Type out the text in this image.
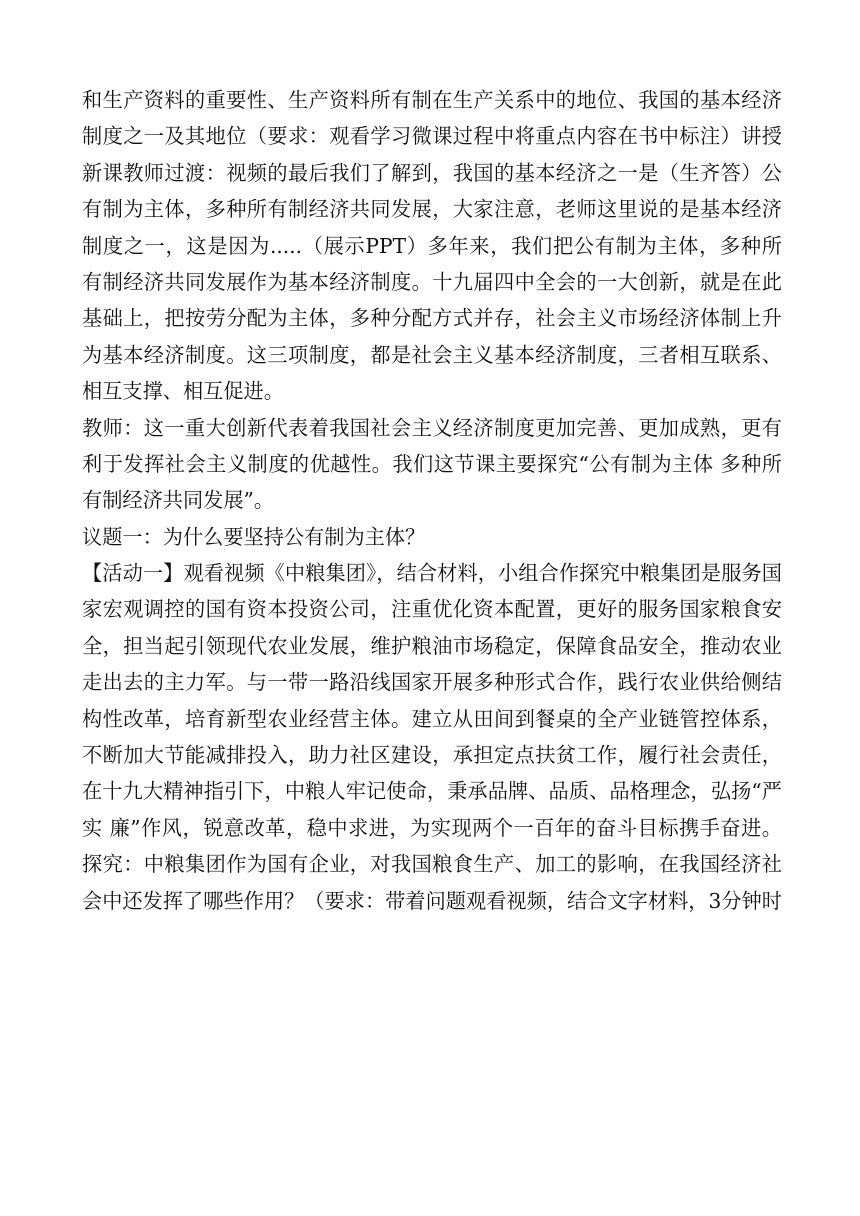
和生产资料的重要性、生产资料所有制在生产关系中的地位、我国的基本经济
制度之一及其地位（要求：观看学习微课过程中将重点内容在书中标注）讲授
新课教师过渡：视频的最后我们了解到，我国的基本经济之一是（生齐答）公
有制为主体，多种所有制经济共同发展，大家注意，老师这里说的是基本经济
制度之一，这是因为.....（展示PPT）多年来，我们把公有制为主体，多种所
有制经济共同发展作为基本经济制度。十九届四中全会的一大创新，就是在此
基础上，把按劳分配为主体，多种分配方式并存，社会主义市场经济体制上升
为基本经济制度。这三项制度，都是社会主义基本经济制度，三者相互联系、
相互支撑、相互促进。
教师：这一重大创新代表着我国社会主义经济制度更加完善、更加成熟，更有
利于发挥社会主义制度的优越性。我们这节课主要探究“公有制为主体 多种所
有制经济共同发展”。
议题一：为什么要坚持公有制为主体？
【活动一】观看视频《中粮集团》，结合材料，小组合作探究中粮集团是服务国
家宏观调控的国有资本投资公司，注重优化资本配置，更好的服务国家粮食安
全，担当起引领现代农业发展，维护粮油市场稳定，保障食品安全，推动农业
走出去的主力军。与一带一路沿线国家开展多种形式合作，践行农业供给侧结
构性改革，培育新型农业经营主体。建立从田间到餐桌的全产业链管控体系，
不断加大节能减排投入，助力社区建设，承担定点扶贫工作，履行社会责任，
在十九大精神指引下，中粮人牢记使命，秉承品牌、品质、品格理念，弘扬“严
实 廉”作风，锐意改革，稳中求进，为实现两个一百年的奋斗目标携手奋进。
探究：中粮集团作为国有企业，对我国粮食生产、加工的影响，在我国经济社
会中还发挥了哪些作用？（要求：带着问题观看视频，结合文字材料，3分钟时
